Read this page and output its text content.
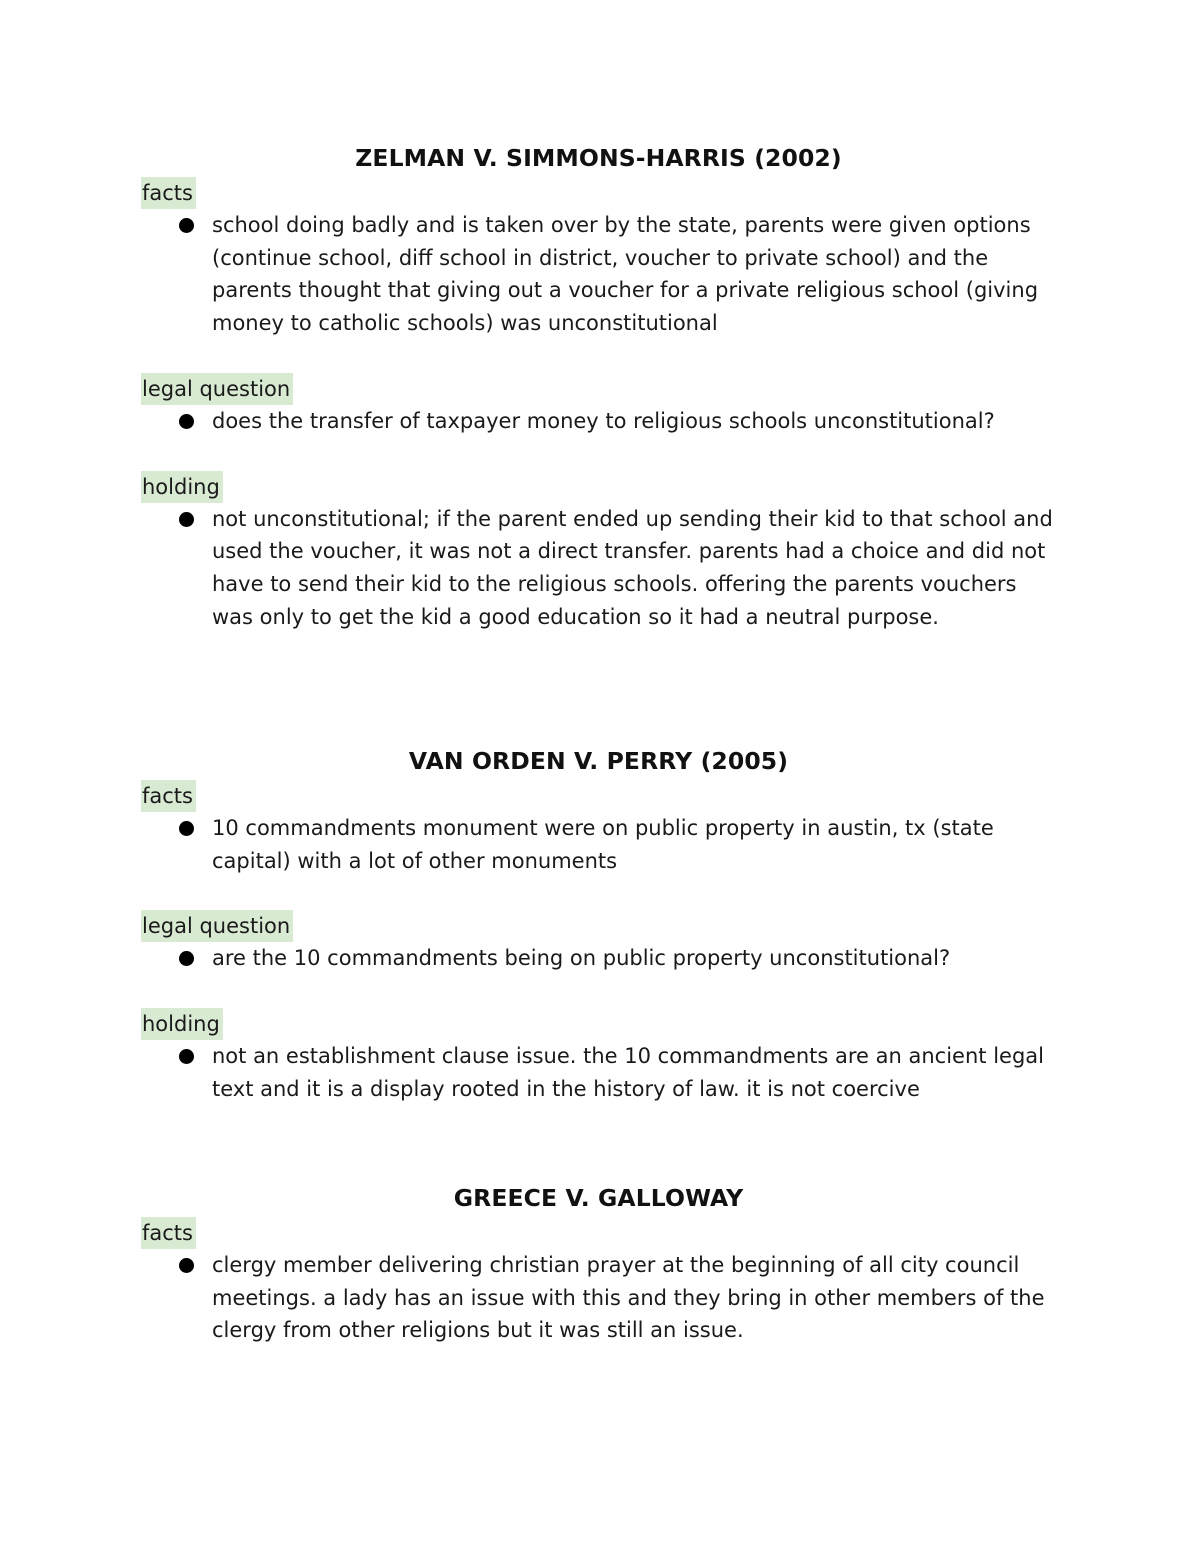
ZELMAN V. SIMMONS-HARRIS (2002)
facts
school doing badly and is taken over by the state, parents were given options (continue school, diff school in district, voucher to private school) and the parents thought that giving out a voucher for a private religious school (giving money to catholic schools) was unconstitutional
legal question
does the transfer of taxpayer money to religious schools unconstitutional?
holding
not unconstitutional; if the parent ended up sending their kid to that school and used the voucher, it was not a direct transfer. parents had a choice and did not have to send their kid to the religious schools. offering the parents vouchers was only to get the kid a good education so it had a neutral purpose.
VAN ORDEN V. PERRY (2005)
facts
10 commandments monument were on public property in austin, tx (state capital) with a lot of other monuments
legal question
are the 10 commandments being on public property unconstitutional?
holding
not an establishment clause issue. the 10 commandments are an ancient legal text and it is a display rooted in the history of law. it is not coercive
GREECE V. GALLOWAY
facts
clergy member delivering christian prayer at the beginning of all city council meetings. a lady has an issue with this and they bring in other members of the clergy from other religions but it was still an issue.
